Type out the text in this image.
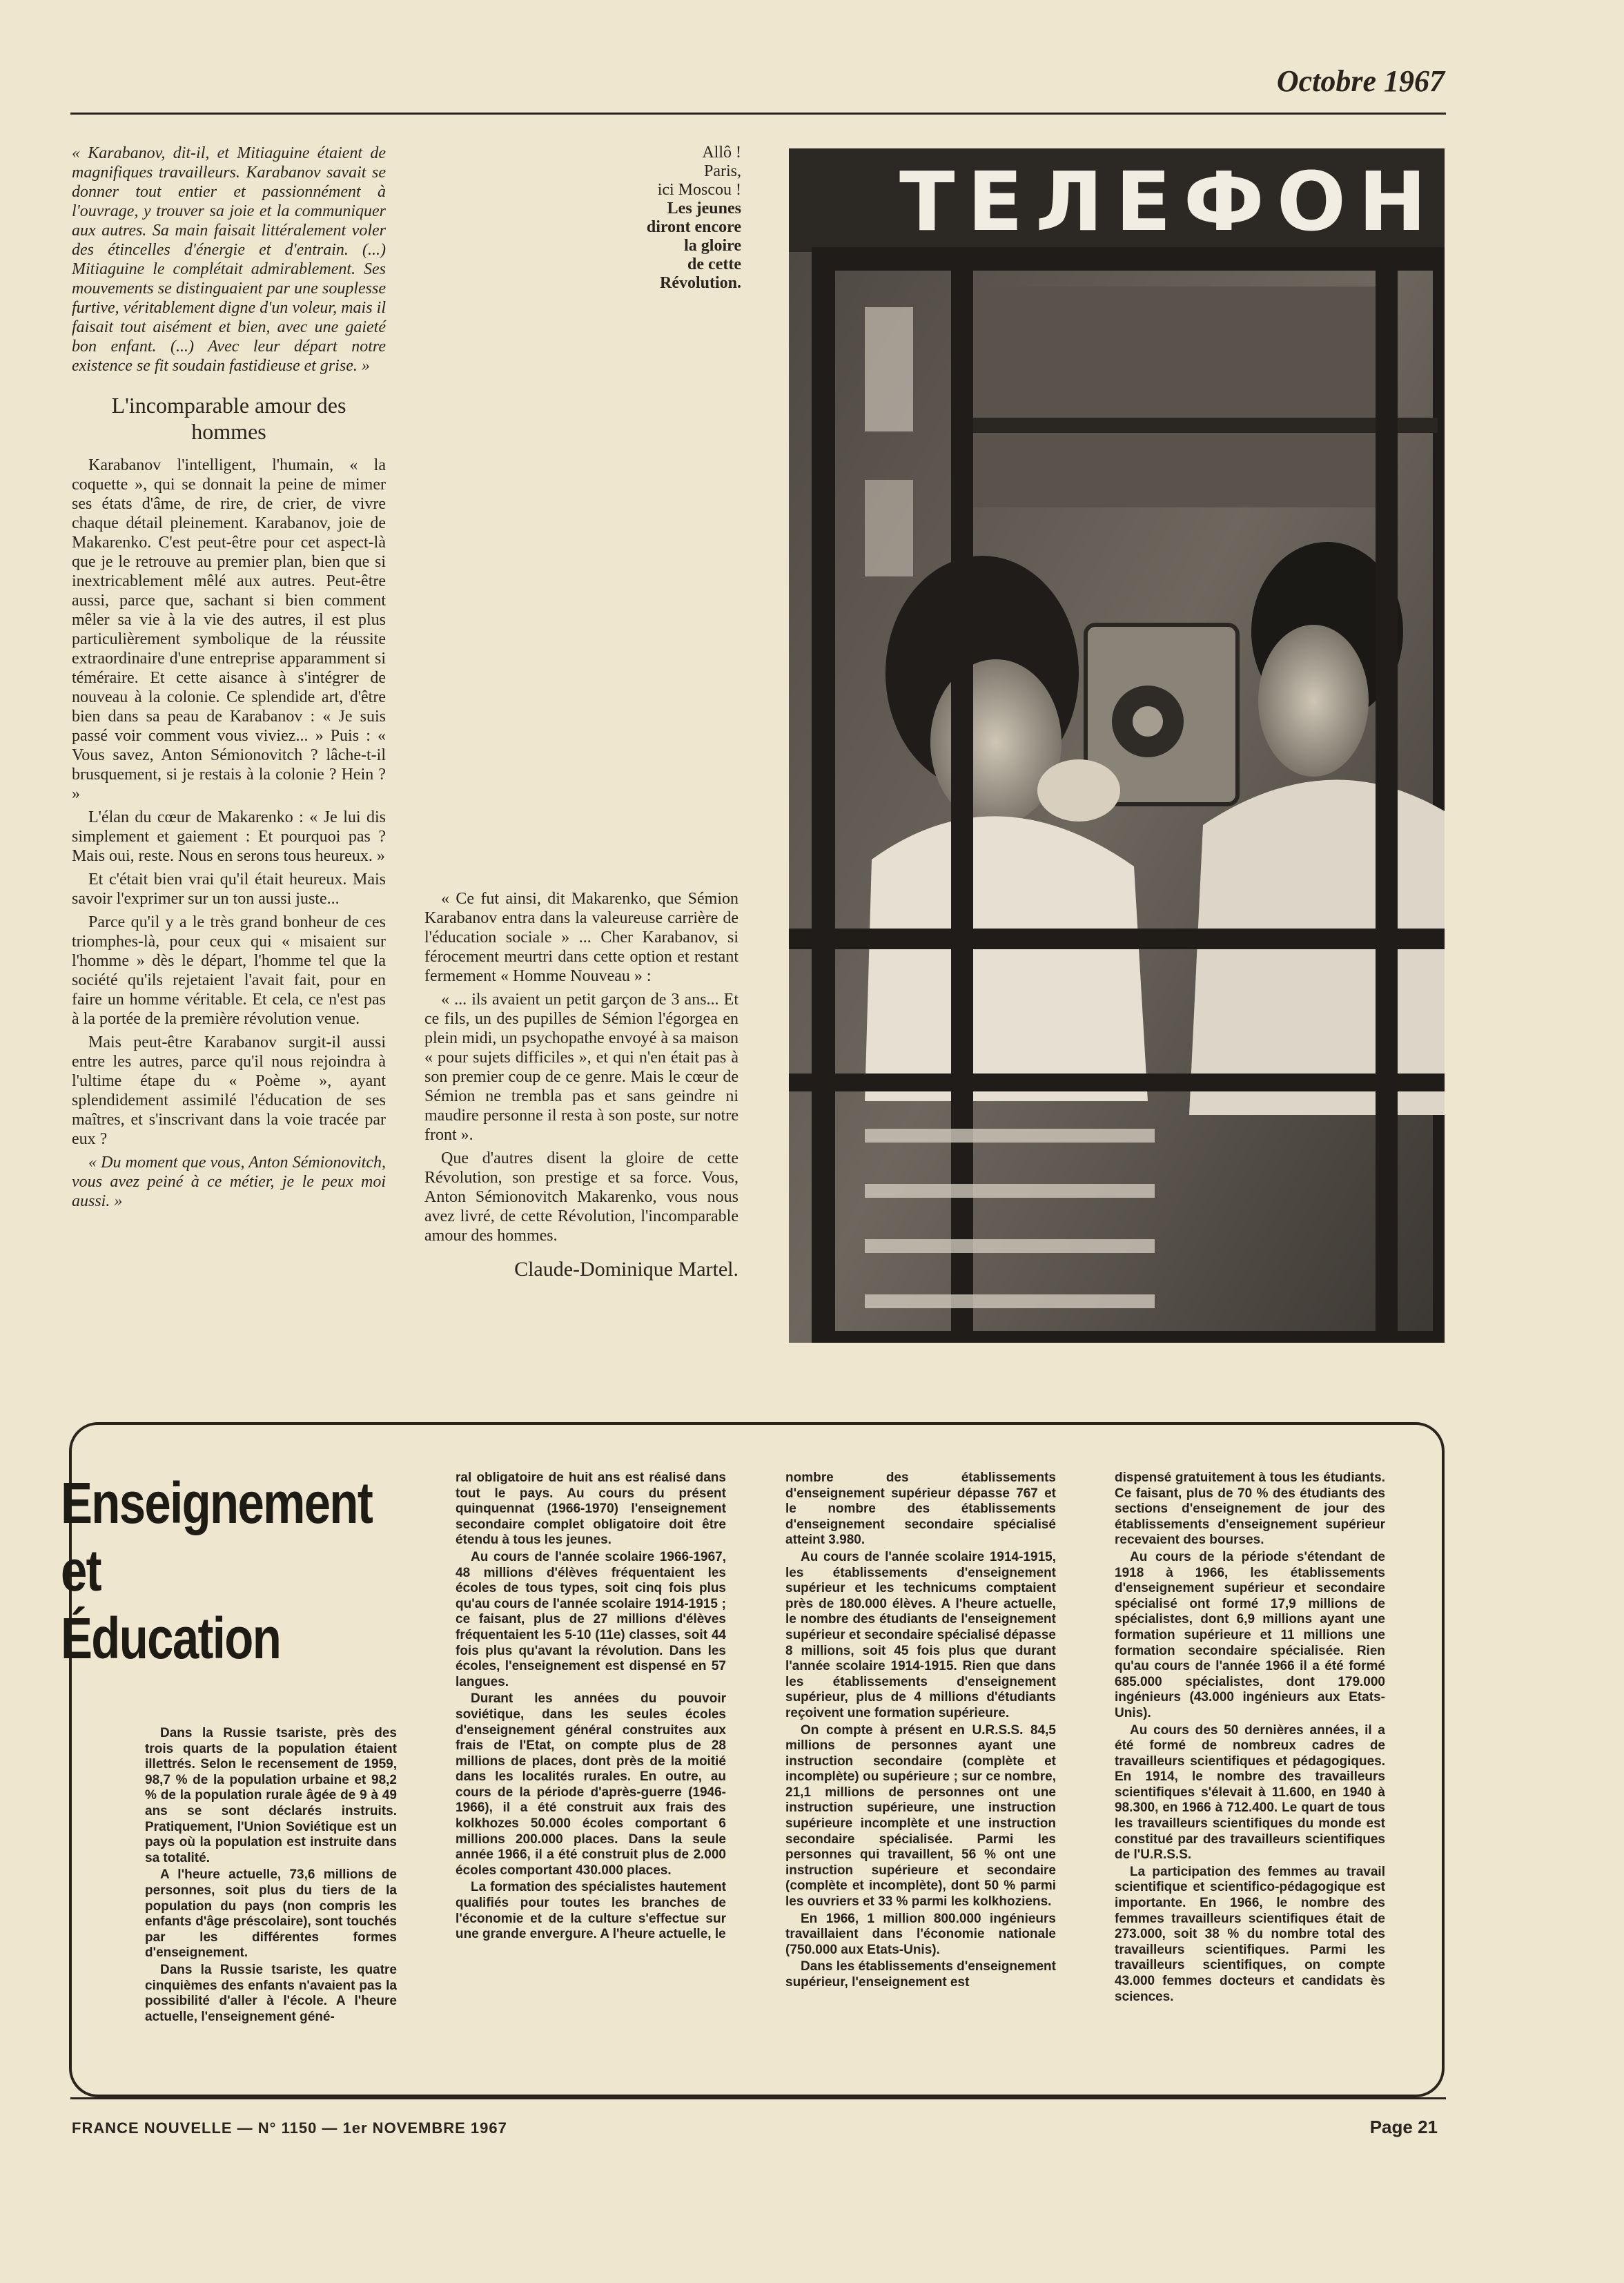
Octobre 1967

« Karabanov, dit-il, et Mitiaguine étaient de magnifiques travailleurs. Karabanov savait se donner tout entier et passionnément à l'ouvrage, y trouver sa joie et la communiquer aux autres. Sa main faisait littéralement voler des étincelles d'énergie et d'entrain. (...) Mitiaguine le complétait admirablement. Ses mouvements se distinguaient par une souplesse furtive, véritablement digne d'un voleur, mais il faisait tout aisément et bien, avec une gaieté bon enfant. (...) Avec leur départ notre existence se fit soudain fastidieuse et grise. »

L'incomparable amour des hommes

Karabanov l'intelligent, l'humain, « la coquette », qui se donnait la peine de mimer ses états d'âme, de rire, de crier, de vivre chaque détail pleinement. Karabanov, joie de Makarenko. C'est peut-être pour cet aspect-là que je le retrouve au premier plan, bien que si inextricablement mêlé aux autres. Peut-être aussi, parce que, sachant si bien comment mêler sa vie à la vie des autres, il est plus particulièrement symbolique de la réussite extraordinaire d'une entreprise apparamment si téméraire. Et cette aisance à s'intégrer de nouveau à la colonie. Ce splendide art, d'être bien dans sa peau de Karabanov : « Je suis passé voir comment vous viviez... » Puis : « Vous savez, Anton Sémionovitch ? lâche-t-il brusquement, si je restais à la colonie ? Hein ? »

L'élan du cœur de Makarenko : « Je lui dis simplement et gaiement : Et pourquoi pas ? Mais oui, reste. Nous en serons tous heureux. »

Et c'était bien vrai qu'il était heureux. Mais savoir l'exprimer sur un ton aussi juste...

Parce qu'il y a le très grand bonheur de ces triomphes-là, pour ceux qui « misaient sur l'homme » dès le départ, l'homme tel que la société qu'ils rejetaient l'avait fait, pour en faire un homme véritable. Et cela, ce n'est pas à la portée de la première révolution venue.

Mais peut-être Karabanov surgit-il aussi entre les autres, parce qu'il nous rejoindra à l'ultime étape du « Poème », ayant splendidement assimilé l'éducation de ses maîtres, et s'inscrivant dans la voie tracée par eux ?

« Du moment que vous, Anton Sémionovitch, vous avez peiné à ce métier, je le peux moi aussi. »

Allô !
Paris,
ici Moscou !
Les jeunes
diront encore
la gloire
de cette
Révolution.

« Ce fut ainsi, dit Makarenko, que Sémion Karabanov entra dans la valeureuse carrière de l'éducation sociale » ... Cher Karabanov, si férocement meurtri dans cette option et restant fermement « Homme Nouveau » :

« ... ils avaient un petit garçon de 3 ans... Et ce fils, un des pupilles de Sémion l'égorgea en plein midi, un psychopathe envoyé à sa maison « pour sujets difficiles », et qui n'en était pas à son premier coup de ce genre. Mais le cœur de Sémion ne trembla pas et sans geindre ni maudire personne il resta à son poste, sur notre front ».

Que d'autres disent la gloire de cette Révolution, son prestige et sa force. Vous, Anton Sémionovitch Makarenko, vous nous avez livré, de cette Révolution, l'incomparable amour des hommes.

Claude-Dominique Martel.

ТЕЛЕФОН
Enseignement
et
Éducation

Dans la Russie tsariste, près des trois quarts de la population étaient illettrés. Selon le recensement de 1959, 98,7 % de la population urbaine et 98,2 % de la population rurale âgée de 9 à 49 ans se sont déclarés instruits. Pratiquement, l'Union Soviétique est un pays où la population est instruite dans sa totalité.

A l'heure actuelle, 73,6 millions de personnes, soit plus du tiers de la population du pays (non compris les enfants d'âge préscolaire), sont touchés par les différentes formes d'enseignement.

Dans la Russie tsariste, les quatre cinquièmes des enfants n'avaient pas la possibilité d'aller à l'école. A l'heure actuelle, l'enseignement géné-

ral obligatoire de huit ans est réalisé dans tout le pays. Au cours du présent quinquennat (1966-1970) l'enseignement secondaire complet obligatoire doit être étendu à tous les jeunes.

Au cours de l'année scolaire 1966-1967, 48 millions d'élèves fréquentaient les écoles de tous types, soit cinq fois plus qu'au cours de l'année scolaire 1914-1915 ; ce faisant, plus de 27 millions d'élèves fréquentaient les 5-10 (11e) classes, soit 44 fois plus qu'avant la révolution. Dans les écoles, l'enseignement est dispensé en 57 langues.

Durant les années du pouvoir soviétique, dans les seules écoles d'enseignement général construites aux frais de l'Etat, on compte plus de 28 millions de places, dont près de la moitié dans les localités rurales. En outre, au cours de la période d'après-guerre (1946-1966), il a été construit aux frais des kolkhozes 50.000 écoles comportant 6 millions 200.000 places. Dans la seule année 1966, il a été construit plus de 2.000 écoles comportant 430.000 places.

La formation des spécialistes hautement qualifiés pour toutes les branches de l'économie et de la culture s'effectue sur une grande envergure. A l'heure actuelle, le

nombre des établissements d'enseignement supérieur dépasse 767 et le nombre des établissements d'enseignement secondaire spécialisé atteint 3.980.

Au cours de l'année scolaire 1914-1915, les établissements d'enseignement supérieur et les technicums comptaient près de 180.000 élèves. A l'heure actuelle, le nombre des étudiants de l'enseignement supérieur et secondaire spécialisé dépasse 8 millions, soit 45 fois plus que durant l'année scolaire 1914-1915. Rien que dans les établissements d'enseignement supérieur, plus de 4 millions d'étudiants reçoivent une formation supérieure.

On compte à présent en U.R.S.S. 84,5 millions de personnes ayant une instruction secondaire (complète et incomplète) ou supérieure ; sur ce nombre, 21,1 millions de personnes ont une instruction supérieure, une instruction supérieure incomplète et une instruction secondaire spécialisée. Parmi les personnes qui travaillent, 56 % ont une instruction supérieure et secondaire (complète et incomplète), dont 50 % parmi les ouvriers et 33 % parmi les kolkhoziens.

En 1966, 1 million 800.000 ingénieurs travaillaient dans l'économie nationale (750.000 aux Etats-Unis).

Dans les établissements d'enseignement supérieur, l'enseignement est

dispensé gratuitement à tous les étudiants. Ce faisant, plus de 70 % des étudiants des sections d'enseignement de jour des établissements d'enseignement supérieur recevaient des bourses.

Au cours de la période s'étendant de 1918 à 1966, les établissements d'enseignement supérieur et secondaire spécialisé ont formé 17,9 millions de spécialistes, dont 6,9 millions ayant une formation supérieure et 11 millions une formation secondaire spécialisée. Rien qu'au cours de l'année 1966 il a été formé 685.000 spécialistes, dont 179.000 ingénieurs (43.000 ingénieurs aux Etats-Unis).

Au cours des 50 dernières années, il a été formé de nombreux cadres de travailleurs scientifiques et pédagogiques. En 1914, le nombre des travailleurs scientifiques s'élevait à 11.600, en 1940 à 98.300, en 1966 à 712.400. Le quart de tous les travailleurs scientifiques du monde est constitué par des travailleurs scientifiques de l'U.R.S.S.

La participation des femmes au travail scientifique et scientifico-pédagogique est importante. En 1966, le nombre des femmes travailleurs scientifiques était de 273.000, soit 38 % du nombre total des travailleurs scientifiques. Parmi les travailleurs scientifiques, on compte 43.000 femmes docteurs et candidats ès sciences.

FRANCE NOUVELLE — N° 1150 — 1er NOVEMBRE 1967	Page 21
